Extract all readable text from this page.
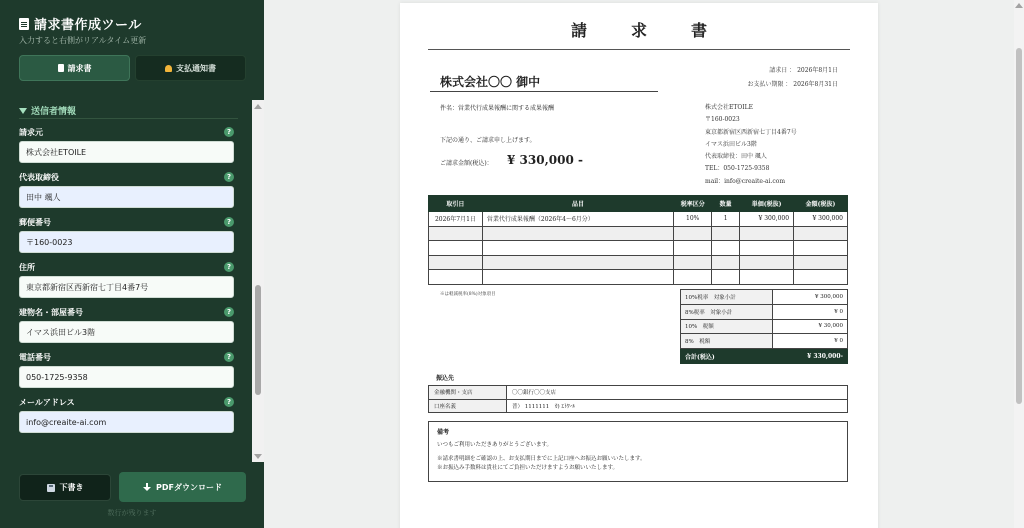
請求書作成ツール
入力すると右側がリアルタイム更新
請求書	支払通知書
送信者情報
請求元	?
株式会社ETOILE
代表取締役	?
田中 颯人
郵便番号	?
〒160-0023
住所	?
東京都新宿区西新宿七丁目4番7号
建物名・部屋番号	?
イマス浜田ビル3階
電話番号	?
050-1725-9358
メールアドレス	?
info@creaite-ai.com
下書き	PDFダウンロード
数行が残ります
請	求	書
請求日 ： 2026年8月1日
お支払い期限 ： 2026年8月31日
株式会社〇〇 御中
件名：営業代行成果報酬に関する成果報酬
下記の通り、ご請求申し上げます。
ご請求金額(税込)： ¥ 330,000 -
株式会社ETOILE
〒160-0023
東京都新宿区西新宿七丁目4番7号
イマス浜田ビル3階
代表取締役：田中 颯人
TEL：050-1725-9358
mail：info@creaite-ai.com
取引日	品目	税率区分	数量	単価(税抜)	金額(税抜)
2026年7月1日	営業代行成果報酬（2026年4〜6月分）	10%	1	¥ 300,000	¥ 300,000

※は軽減税率(8%)対象項目
10%税率　対象小計	¥ 300,000
8%税率　対象小計	¥ 0
10%　税額	¥ 30,000
8%　税額	¥ 0
合計(税込)	¥ 330,000-
振込先
金融機関・支店	〇〇銀行〇〇支店
口座名義	普） 1111111　ｶ) ｴﾄﾜｰﾙ
備考
いつもご利用いただきありがとうございます。
※請求書明細をご確認の上、お支払期日までに上記口座へお振込お願いいたします。
※お振込み手数料は貴社にてご負担いただけますようお願いいたします。
